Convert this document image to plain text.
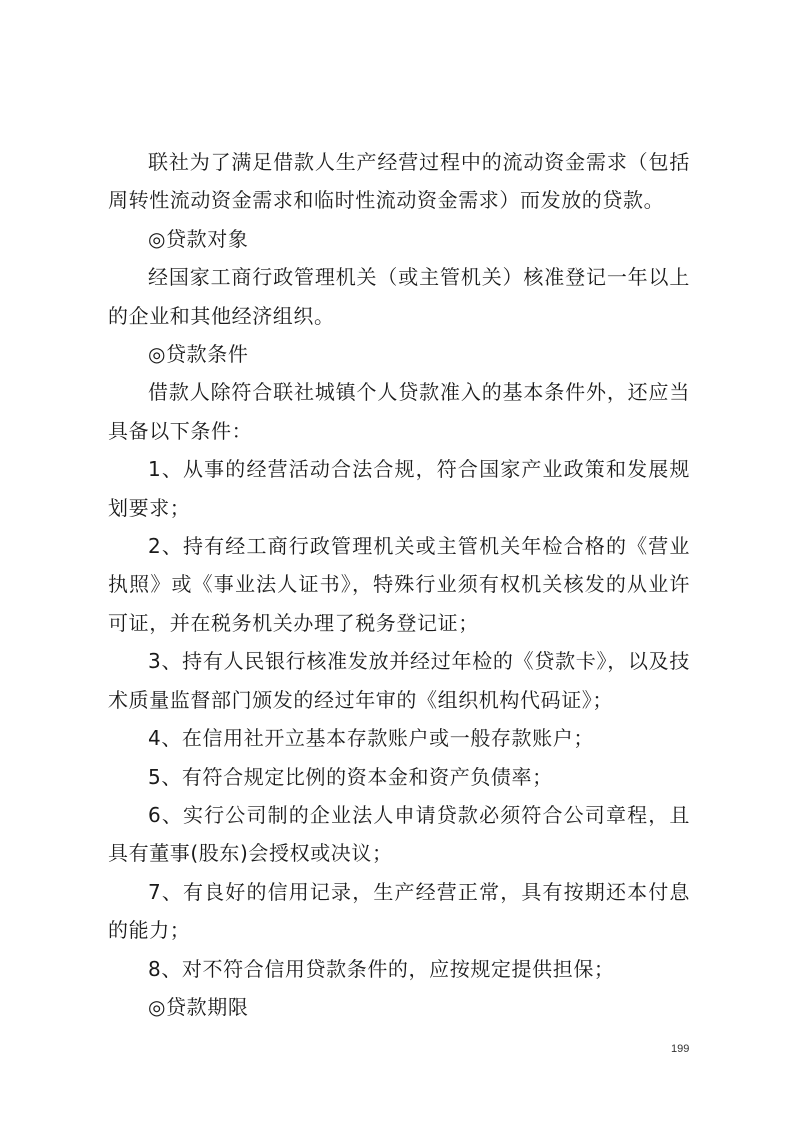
联社为了满足借款人生产经营过程中的流动资金需求（包括周转性流动资金需求和临时性流动资金需求）而发放的贷款。

◎贷款对象

经国家工商行政管理机关（或主管机关）核准登记一年以上的企业和其他经济组织。

◎贷款条件

借款人除符合联社城镇个人贷款准入的基本条件外，还应当具备以下条件：

1、从事的经营活动合法合规，符合国家产业政策和发展规划要求；

2、持有经工商行政管理机关或主管机关年检合格的《营业执照》或《事业法人证书》，特殊行业须有权机关核发的从业许可证，并在税务机关办理了税务登记证；

3、持有人民银行核准发放并经过年检的《贷款卡》，以及技术质量监督部门颁发的经过年审的《组织机构代码证》；

4、在信用社开立基本存款账户或一般存款账户；

5、有符合规定比例的资本金和资产负债率；

6、实行公司制的企业法人申请贷款必须符合公司章程，且具有董事(股东)会授权或决议；

7、有良好的信用记录，生产经营正常，具有按期还本付息的能力；

8、对不符合信用贷款条件的，应按规定提供担保；

◎贷款期限

199
